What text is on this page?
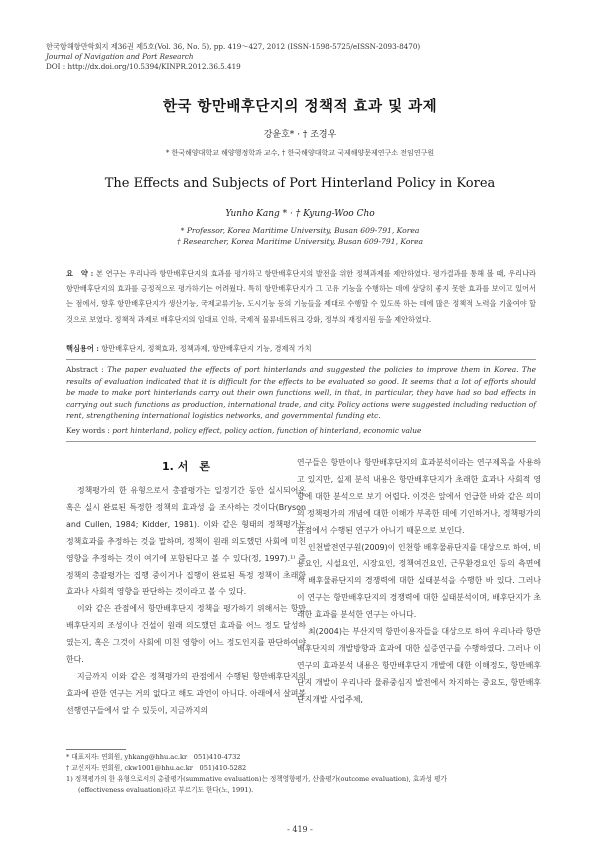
한국항해항만학회지 제36권 제5호(Vol. 36, No. 5), pp. 419～427, 2012 (ISSN-1598-5725/eISSN-2093-8470)
Journal of Navigation and Port Research
DOI : http://dx.doi.org/10.5394/KINPR.2012.36.5.419
한국 항만배후단지의 정책적 효과 및 과제
강윤호* · † 조경우
* 한국해양대학교 해양행정학과 교수, † 한국해양대학교 국제해양문제연구소 전임연구원
The Effects and Subjects of Port Hinterland Policy in Korea
Yunho Kang * · † Kyung-Woo Cho
* Professor, Korea Maritime University, Busan 609-791, Korea
† Researcher, Korea Maritime University, Busan 609-791, Korea
요　약 : 본 연구는 우리나라 항만배후단지의 효과를 평가하고 항만배후단지의 발전을 위한 정책과제를 제안하였다. 평가결과를 통해 볼 때, 우리나라 항만배후단지의 효과를 긍정적으로 평가하기는 어려웠다. 특히 항만배후단지가 그 고유 기능을 수행하는 데에 상당히 좋지 못한 효과를 보이고 있어서는 점에서, 향후 항만배후단지가 생산기능, 국제교류기능, 도시기능 등의 기능들을 제대로 수행할 수 있도록 하는 데에 많은 정책적 노력을 기울여야 할 것으로 보였다. 정책적 과제로 배후단지의 임대료 인하, 국제적 물류네트워크 강화, 정부의 재정지원 등을 제안하였다.
핵심용어 : 항만배후단지, 정책효과, 정책과제, 항만배후단지 기능, 경제적 가치
Abstract : The paper evaluated the effects of port hinterlands and suggested the policies to improve them in Korea. The results of evaluation indicated that it is difficult for the effects to be evaluated so good. It seems that a lot of efforts should be made to make port hinterlands carry out their own functions well, in that, in particular, they have had so bad effects in carrying out such functions as production, international trade, and city. Policy actions were suggested including reduction of rent, strengthening international logistics networks, and governmental funding etc.
Key words : port hinterland, policy effect, policy action, function of hinterland, economic value
1. 서　론

정책평가의 한 유형으로서 총괄평가는 일정기간 동안 실시되어온 혹은 실시 완료된 특정한 정책의 효과성 을 조사하는 것이다(Bryson and Cullen, 1984; Kidder, 1981). 이와 같은 형태의 정책평가는 정책효과를 추정하는 것을 말하며, 정책이 원래 의도했던 사회에 미친 영향을 추정하는 것이 여기에 포함된다고 볼 수 있다(정, 1997).¹⁾ 즉 정책의 총괄평가는 집행 중이거나 집행이 완료된 특정 정책이 초래한 효과나 사회적 영향을 판단하는 것이라고 볼 수 있다.

이와 같은 관점에서 항만배후단지 정책을 평가하기 위해서는 항만배후단지의 조성이나 건설이 원래 의도했던 효과를 어느 정도 달성하였는지, 혹은 그것이 사회에 미친 영향이 어느 정도인지를 판단하여야 한다.

지금까지 이와 같은 정책평가의 관점에서 수행된 항만배후단지의 효과에 관한 연구는 거의 없다고 해도 과언이 아니다. 아래에서 살펴볼 선행연구들에서 알 수 있듯이, 지금까지의

연구들은 항만이나 항만배후단지의 효과분석이라는 연구제목을 사용하고 있지만, 실제 분석 내용은 항만배후단지가 초래한 효과나 사회적 영향에 대한 분석으로 보기 어렵다. 이것은 앞에서 언급한 바와 같은 의미의 정책평가의 개념에 대한 이해가 부족한 데에 기인하거나, 정책평가의 관점에서 수행된 연구가 아니기 때문으로 보인다.

인천발전연구원(2009)이 인천항 배후물류단지를 대상으로 하여, 비용요인, 시설요인, 시장요인, 정책여건요인, 근무환경요인 등의 측면에서 배후물류단지의 경쟁력에 대한 실태분석을 수행한 바 있다. 그러나 이 연구는 항만배후단지의 경쟁력에 대한 실태분석이며, 배후단지가 초래한 효과를 분석한 연구는 아니다.

최(2004)는 부산지역 항만이용자들을 대상으로 하여 우리나라 항만배후단지의 개발방향과 효과에 대한 실증연구를 수행하였다. 그러나 이 연구의 효과분석 내용은 항만배후단지 개발에 대한 이해정도, 항만배후단지 개발이 우리나라 물류중심지 발전에서 차지하는 중요도, 항만배후단지개발 사업주체,

* 대표저자: 연회원, yhkang@hhu.ac.kr　051)410-4732
† 교신저자: 연회원, ckw1001@hhu.ac.kr　051)410-5282
1) 정책평가의 한 유형으로서의 총괄평가(summative evaluation)는 정책영향평가, 산출평가(outcome evaluation), 효과성 평가
(effectiveness evaluation)라고 부르기도 한다(노, 1991).
- 419 -
